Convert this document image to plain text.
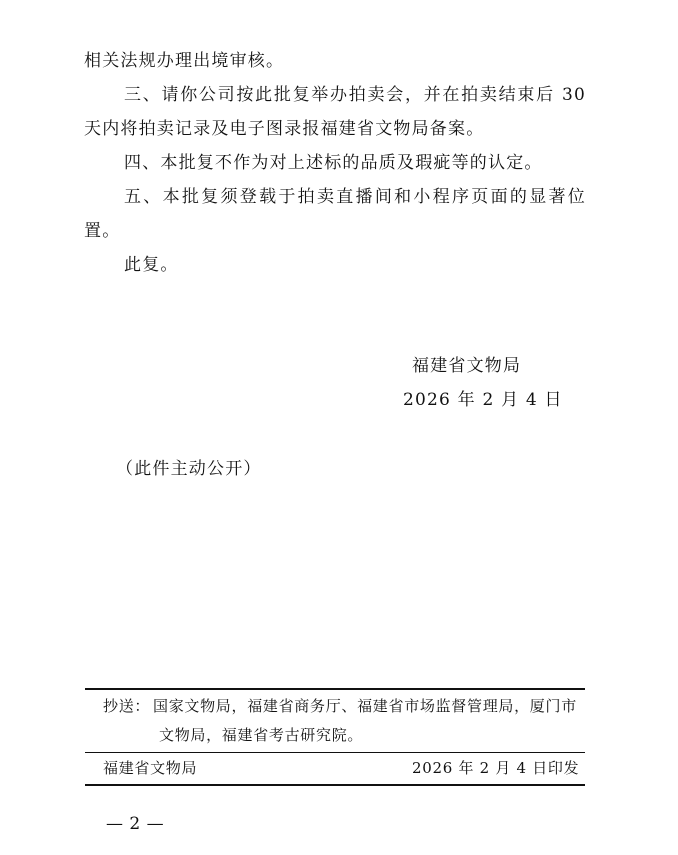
相关法规办理出境审核。
三、请你公司按此批复举办拍卖会，并在拍卖结束后 30
天内将拍卖记录及电子图录报福建省文物局备案。
四、本批复不作为对上述标的品质及瑕疵等的认定。
五、本批复须登载于拍卖直播间和小程序页面的显著位
置。
此复。
福建省文物局
2026 年 2 月 4 日
（此件主动公开）
抄送： 国家文物局，福建省商务厅、福建省市场监督管理局，厦门市
文物局，福建省考古研究院。
福建省文物局	2026 年 2 月 4 日印发
— 2 —
